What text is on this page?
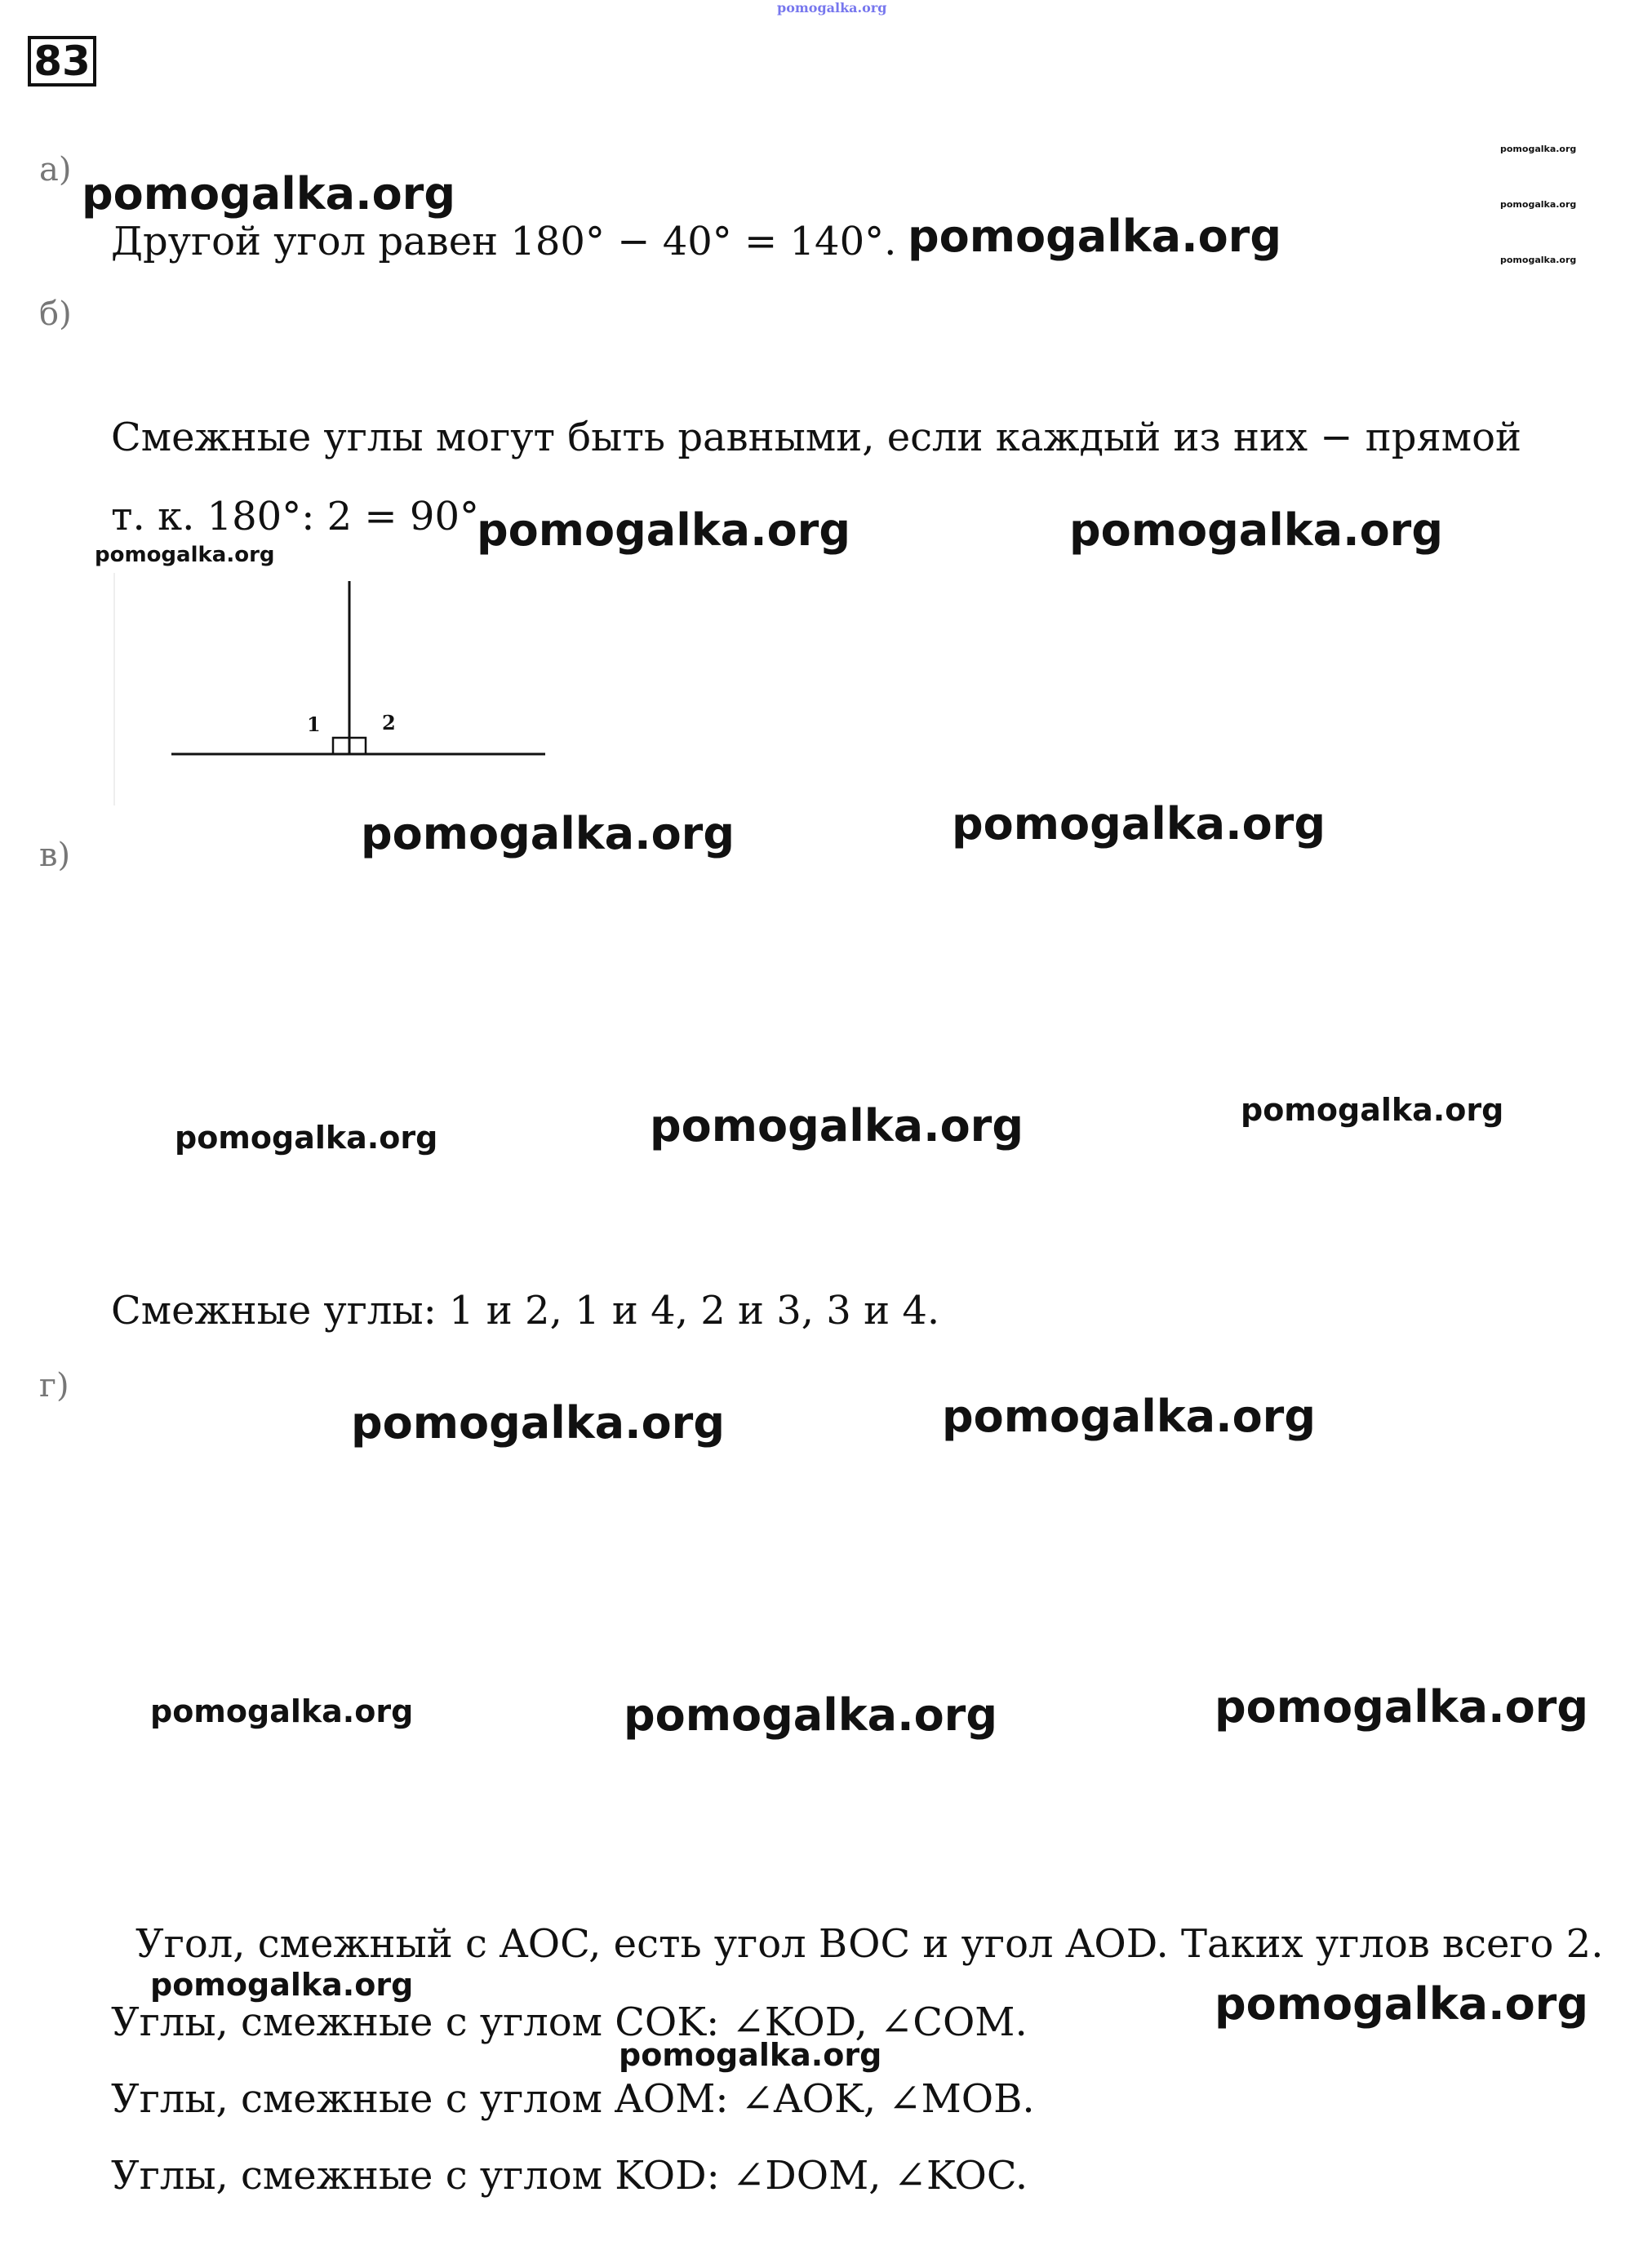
pomogalka.org
83
а) pomogalka.org
Другой угол равен 180° − 40° = 140°. pomogalka.org
pomogalka.org
pomogalka.org
pomogalka.org
б)
Смежные углы могут быть равными, если каждый из них − прямой
т. к. 180°: 2 = 90°.
pomogalka.org	pomogalka.org
pomogalka.org
1	2
в)	pomogalka.org	pomogalka.org
pomogalka.org	pomogalka.org	pomogalka.org
Смежные углы: 1 и 2, 1 и 4, 2 и 3, 3 и 4.
г)
pomogalka.org	pomogalka.org
pomogalka.org	pomogalka.org	pomogalka.org
Угол, смежный с AOC, есть угол BOC и угол AOD. Таких углов всего 2.
pomogalka.org	pomogalka.org
Углы, смежные с углом COK: ∠KOD, ∠COM.
pomogalka.org
Углы, смежные с углом AOM: ∠AOK, ∠MOB.
Углы, смежные с углом KOD: ∠DOM, ∠KOC.
pomogalka.org
